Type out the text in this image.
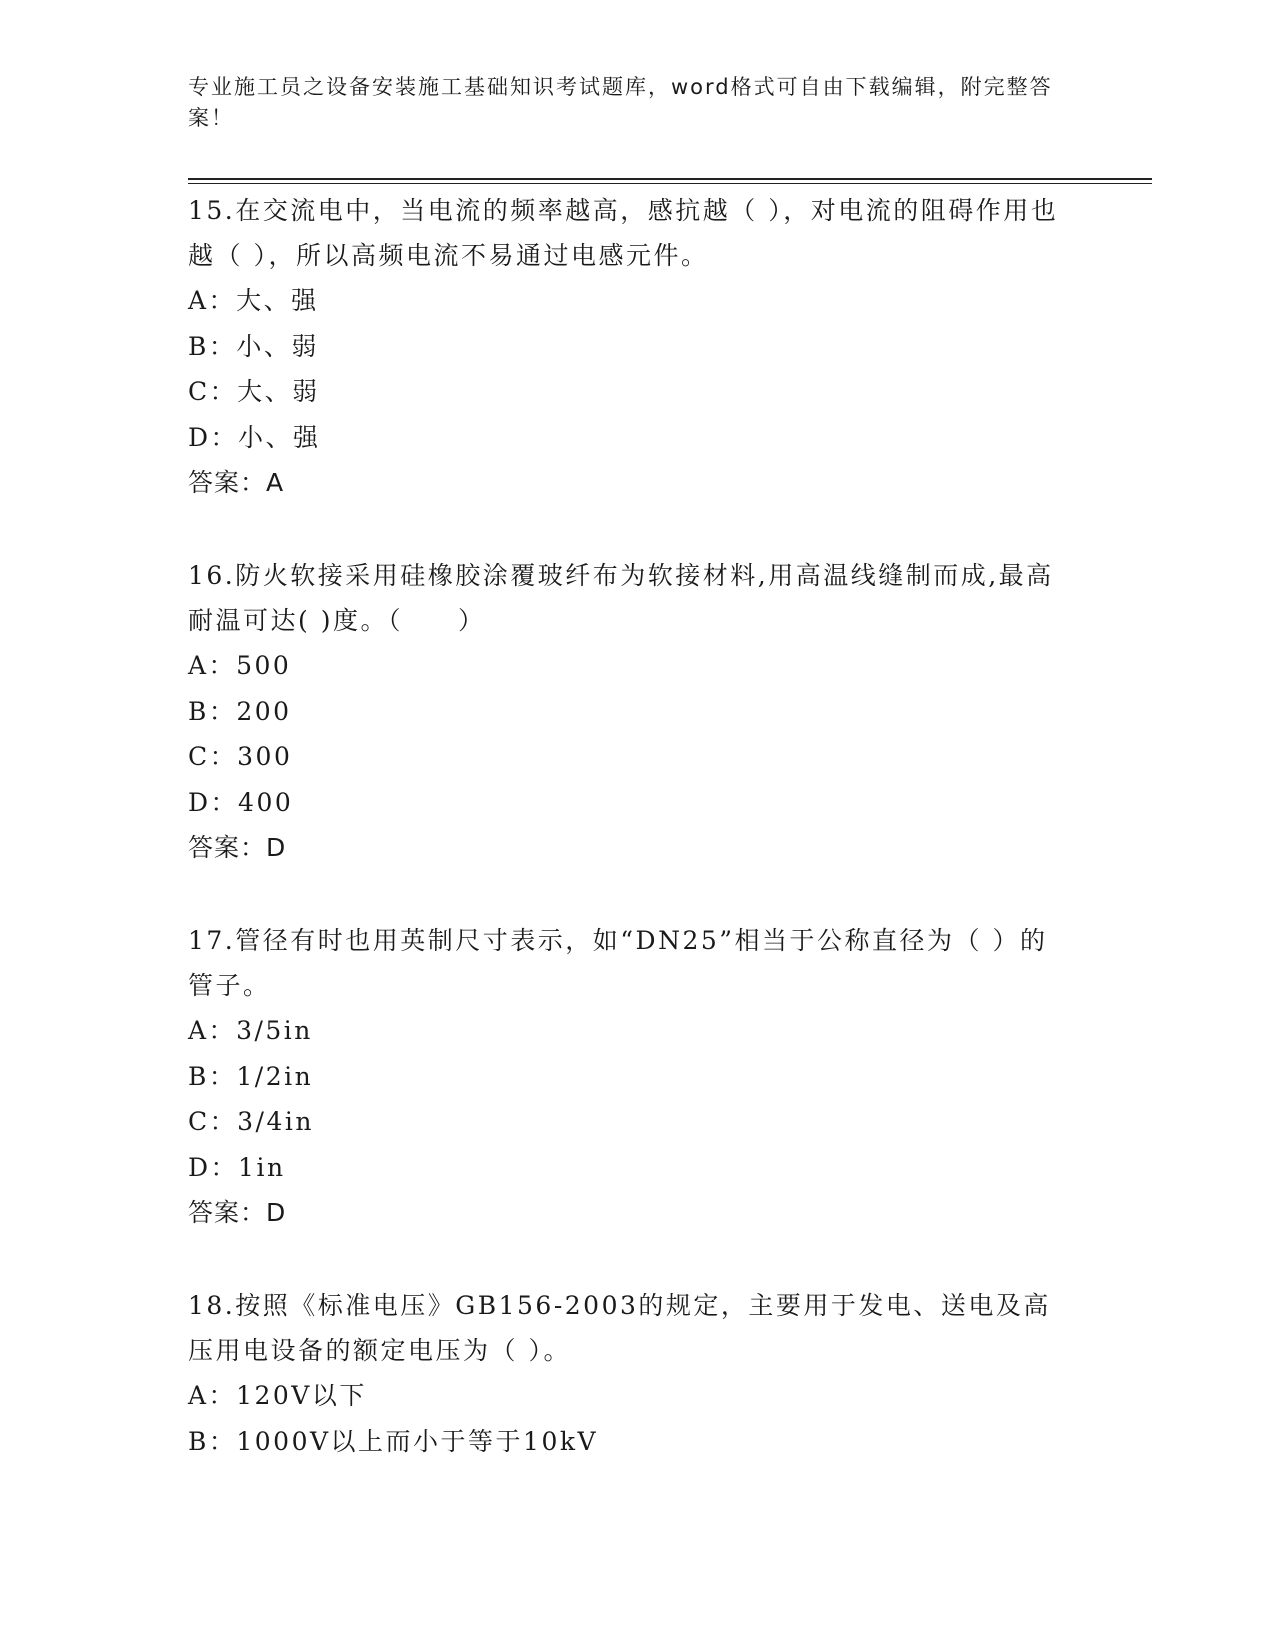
专业施工员之设备安装施工基础知识考试题库，word格式可自由下载编辑，附完整答案！
15.在交流电中，当电流的频率越高，感抗越（ ），对电流的阻碍作用也越（ ），所以高频电流不易通过电感元件。
A：大、强
B：小、弱
C：大、弱
D：小、强
答案：A
16.防火软接采用硅橡胶涂覆玻纤布为软接材料,用高温线缝制而成,最高耐温可达( )度。（　　）
A：500
B：200
C：300
D：400
答案：D
17.管径有时也用英制尺寸表示，如“DN25”相当于公称直径为（ ）的管子。
A：3/5in
B：1/2in
C：3/4in
D：1in
答案：D
18.按照《标准电压》GB156-2003的规定，主要用于发电、送电及高压用电设备的额定电压为（ ）。
A：120V以下
B：1000V以上而小于等于10kV
